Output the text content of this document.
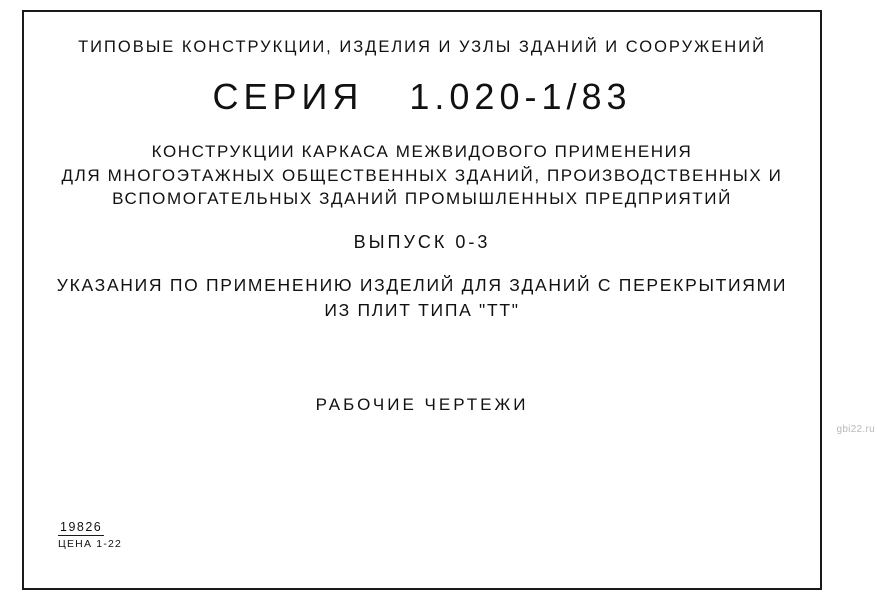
ТИПОВЫЕ КОНСТРУКЦИИ, ИЗДЕЛИЯ И УЗЛЫ ЗДАНИЙ И СООРУЖЕНИЙ
СЕРИЯ 1.020-1/83
КОНСТРУКЦИИ КАРКАСА МЕЖВИДОВОГО ПРИМЕНЕНИЯ
ДЛЯ МНОГОЭТАЖНЫХ ОБЩЕСТВЕННЫХ ЗДАНИЙ, ПРОИЗВОДСТВЕННЫХ И
ВСПОМОГАТЕЛЬНЫХ ЗДАНИЙ ПРОМЫШЛЕННЫХ ПРЕДПРИЯТИЙ
ВЫПУСК 0-3
УКАЗАНИЯ ПО ПРИМЕНЕНИЮ ИЗДЕЛИЙ ДЛЯ ЗДАНИЙ С ПЕРЕКРЫТИЯМИ
ИЗ ПЛИТ ТИПА "ТТ"
РАБОЧИЕ ЧЕРТЕЖИ
19826
ЦЕНА 1-22
gbi22.ru
